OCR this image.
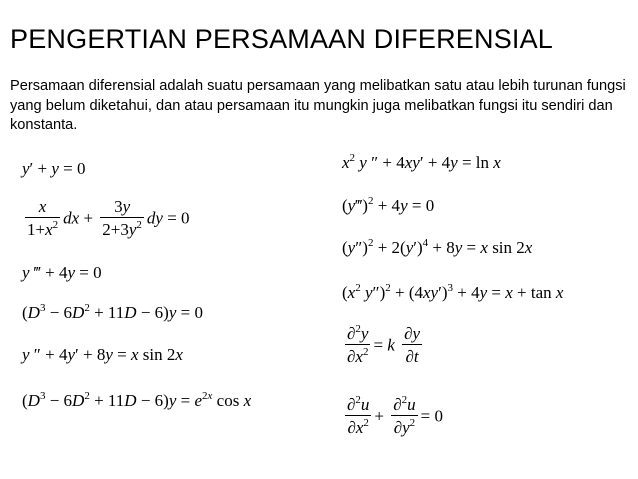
PENGERTIAN PERSAMAAN DIFERENSIAL
Persamaan diferensial adalah suatu persamaan yang melibatkan satu atau lebih turunan fungsi yang belum diketahui, dan atau persamaan itu mungkin juga melibatkan fungsi itu sendiri dan konstanta.
y′ + y = 0
$\frac{x}{1+x^2}$ dx + $\frac{3y}{2+3y^2}$ dy = 0
y ‴ + 4y = 0
$(D^3 - 6D^2 + 11D - 6)y = 0$
y ″ + 4y′ + 8y = x sin 2x
$(D^3 - 6D^2 + 11D - 6)y = e^{2x}$ cos x
$x^2$ y ″ + 4xy′ + 4y = ln x
(y‴)$^2$ + 4y = 0
$(y'')^2 + 2(y')^4 + 8y = x$ sin 2x
($x^2$ $y'')^2 + (4xy')^3 + 4y = x + \tan x$
$\frac{\partial^2y}{\partial x^2} = k \frac{\partial y}{\partial t}$
$\frac{\partial^2u}{\partial x^2} + \frac{\partial^2u}{\partial y^2} = 0$
